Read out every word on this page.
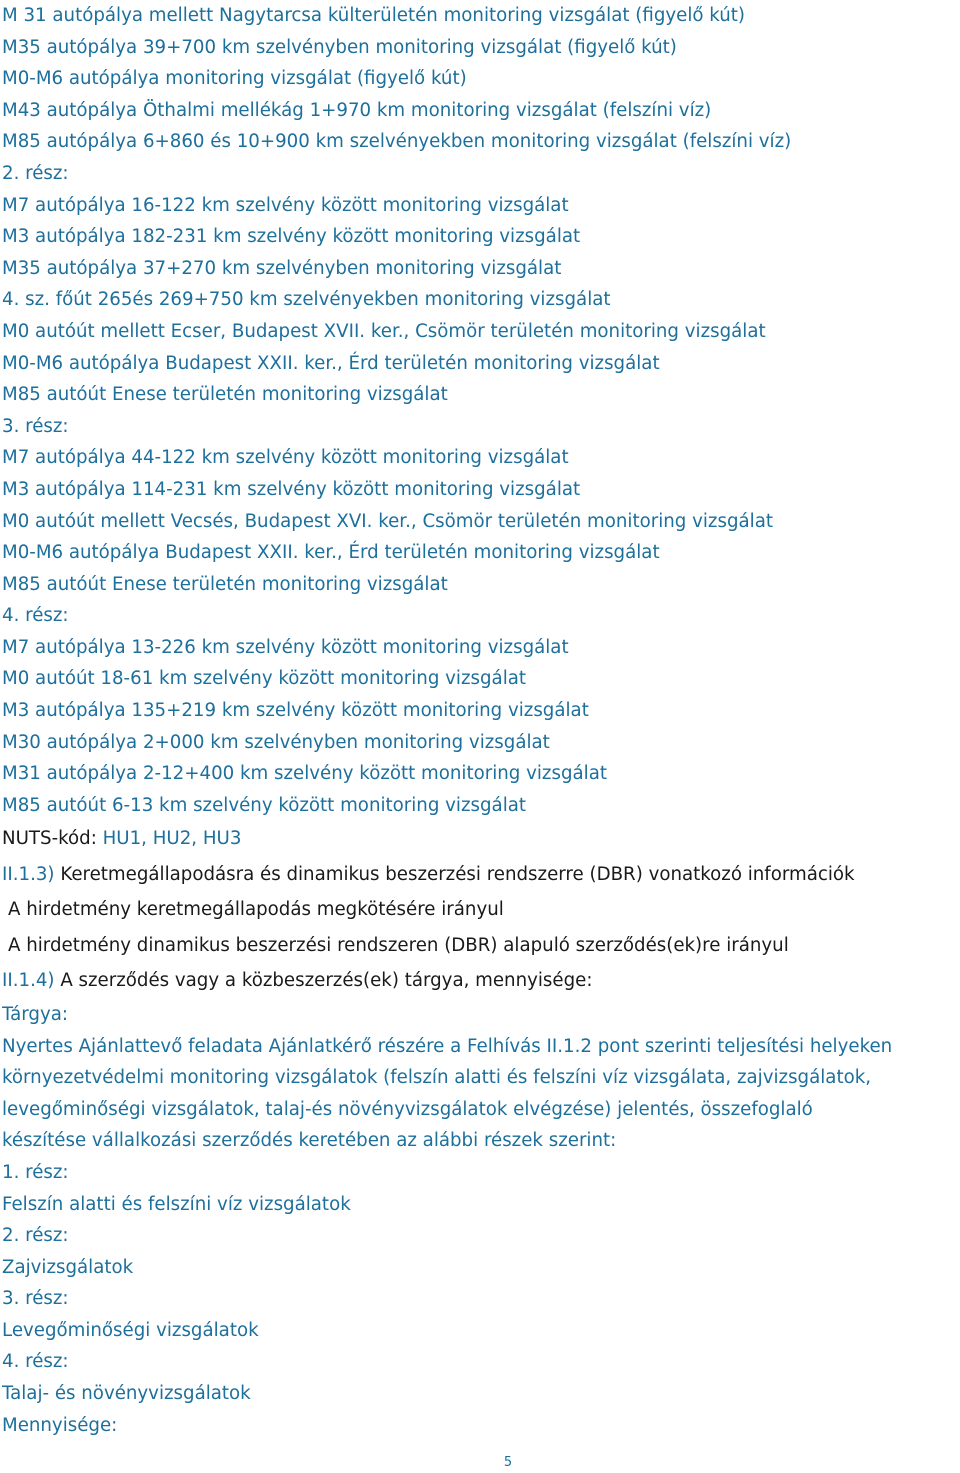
M 31 autópálya mellett Nagytarcsa külterületén monitoring vizsgálat (figyelő kút)
M35 autópálya 39+700 km szelvényben monitoring vizsgálat (figyelő kút)
M0-M6 autópálya monitoring vizsgálat (figyelő kút)
M43 autópálya Öthalmi mellékág 1+970 km monitoring vizsgálat (felszíni víz)
M85 autópálya 6+860 és 10+900 km szelvényekben monitoring vizsgálat (felszíni víz)
2. rész:
M7 autópálya 16-122 km szelvény között monitoring vizsgálat
M3 autópálya 182-231 km szelvény között monitoring vizsgálat
M35 autópálya 37+270 km szelvényben monitoring vizsgálat
4. sz. főút 265és 269+750 km szelvényekben monitoring vizsgálat
M0 autóút mellett Ecser, Budapest XVII. ker., Csömör területén monitoring vizsgálat
M0-M6 autópálya Budapest XXII. ker., Érd területén monitoring vizsgálat
M85 autóút Enese területén monitoring vizsgálat
3. rész:
M7 autópálya 44-122 km szelvény között monitoring vizsgálat
M3 autópálya 114-231 km szelvény között monitoring vizsgálat
M0 autóút mellett Vecsés, Budapest XVI. ker., Csömör területén monitoring vizsgálat
M0-M6 autópálya Budapest XXII. ker., Érd területén monitoring vizsgálat
M85 autóút Enese területén monitoring vizsgálat
4. rész:
M7 autópálya 13-226 km szelvény között monitoring vizsgálat
M0 autóút 18-61 km szelvény között monitoring vizsgálat
M3 autópálya 135+219 km szelvény között monitoring vizsgálat
M30 autópálya 2+000 km szelvényben monitoring vizsgálat
M31 autópálya 2-12+400 km szelvény között monitoring vizsgálat
M85 autóút 6-13 km szelvény között monitoring vizsgálat
NUTS-kód: HU1, HU2, HU3
II.1.3) Keretmegállapodásra és dinamikus beszerzési rendszerre (DBR) vonatkozó információk
A hirdetmény keretmegállapodás megkötésére irányul
A hirdetmény dinamikus beszerzési rendszeren (DBR) alapuló szerződés(ek)re irányul
II.1.4) A szerződés vagy a közbeszerzés(ek) tárgya, mennyisége:
Tárgya:
Nyertes Ajánlattevő feladata Ajánlatkérő részére a Felhívás II.1.2 pont szerinti teljesítési helyeken
környezetvédelmi monitoring vizsgálatok (felszín alatti és felszíni víz vizsgálata, zajvizsgálatok,
levegőminőségi vizsgálatok, talaj-és növényvizsgálatok elvégzése) jelentés, összefoglaló
készítése vállalkozási szerződés keretében az alábbi részek szerint:
1. rész:
Felszín alatti és felszíni víz vizsgálatok
2. rész:
Zajvizsgálatok
3. rész:
Levegőminőségi vizsgálatok
4. rész:
Talaj- és növényvizsgálatok
Mennyisége:
5
